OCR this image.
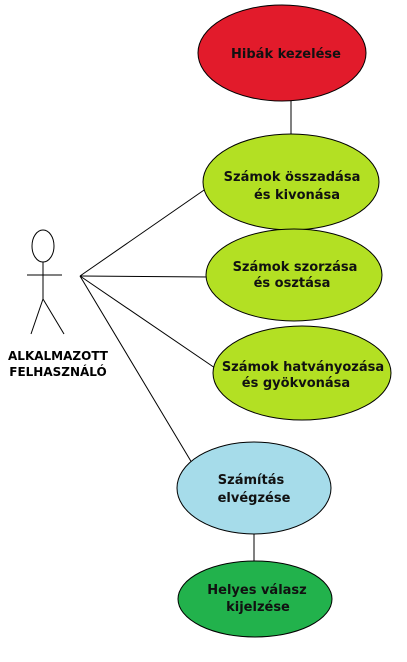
ALKALMAZOTT
FELHASZNÁLÓ
Hibák kezelése
Számok összadása
és kivonása
Számok szorzása
és osztása
Számok hatványozása
és gyökvonása
Számítás
elvégzése
Helyes válasz
kijelzése
